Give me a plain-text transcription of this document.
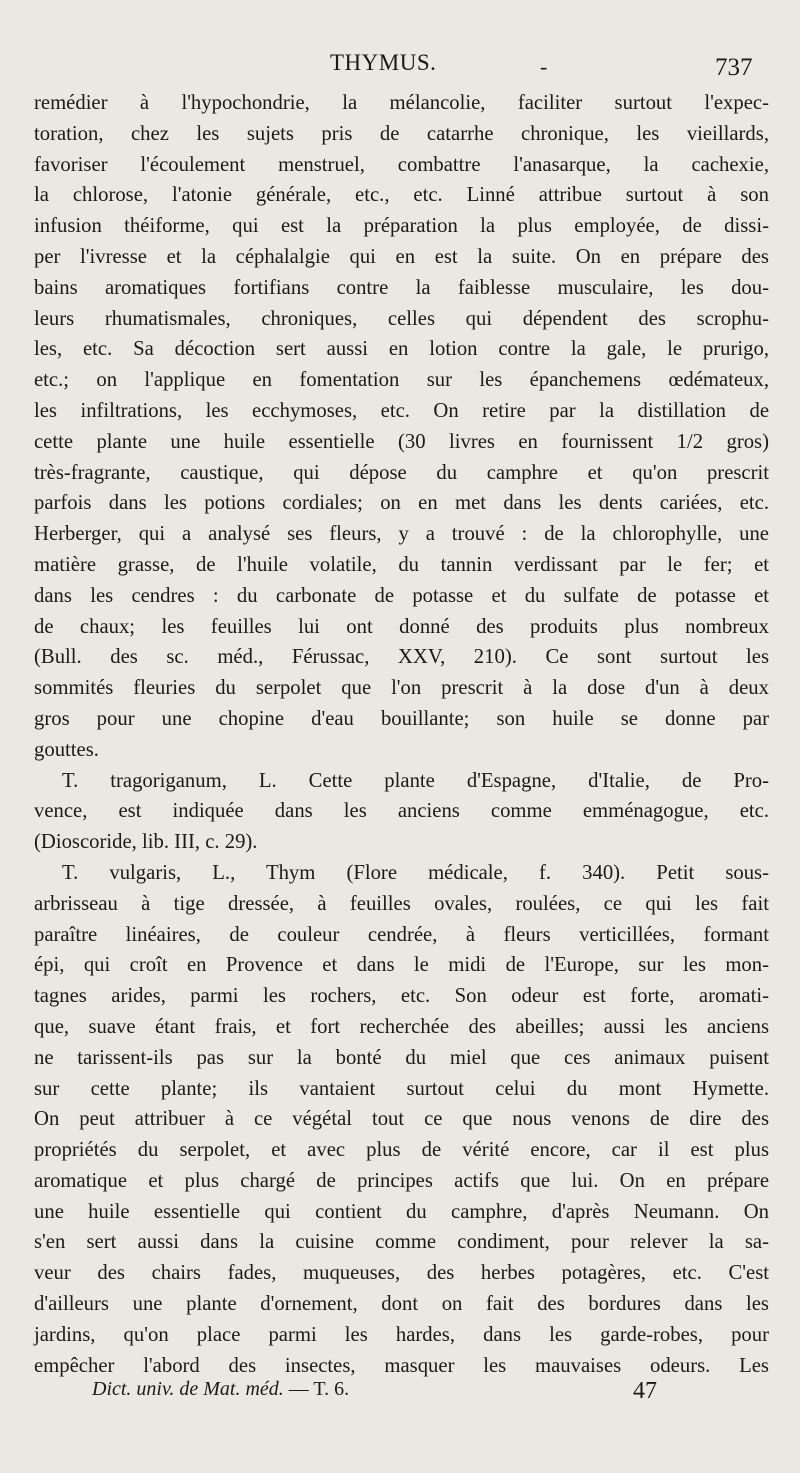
THYMUS.	-	737
remédier à l'hypochondrie, la mélancolie, faciliter surtout l'expec-
toration, chez les sujets pris de catarrhe chronique, les vieillards,
favoriser l'écoulement menstruel, combattre l'anasarque, la cachexie,
la chlorose, l'atonie générale, etc., etc. Linné attribue surtout à son
infusion théiforme, qui est la préparation la plus employée, de dissi-
per l'ivresse et la céphalalgie qui en est la suite. On en prépare des
bains aromatiques fortifians contre la faiblesse musculaire, les dou-
leurs rhumatismales, chroniques, celles qui dépendent des scrophu-
les, etc. Sa décoction sert aussi en lotion contre la gale, le prurigo,
etc.; on l'applique en fomentation sur les épanchemens œdémateux,
les infiltrations, les ecchymoses, etc. On retire par la distillation de
cette plante une huile essentielle (30 livres en fournissent 1/2 gros)
très-fragrante, caustique, qui dépose du camphre et qu'on prescrit
parfois dans les potions cordiales; on en met dans les dents cariées, etc.
Herberger, qui a analysé ses fleurs, y a trouvé : de la chlorophylle, une
matière grasse, de l'huile volatile, du tannin verdissant par le fer; et
dans les cendres : du carbonate de potasse et du sulfate de potasse et
de chaux; les feuilles lui ont donné des produits plus nombreux
(Bull. des sc. méd., Férussac, XXV, 210). Ce sont surtout les
sommités fleuries du serpolet que l'on prescrit à la dose d'un à deux
gros pour une chopine d'eau bouillante; son huile se donne par
gouttes.
T. tragoriganum, L. Cette plante d'Espagne, d'Italie, de Pro-
vence, est indiquée dans les anciens comme emménagogue, etc.
(Dioscoride, lib. III, c. 29).
T. vulgaris, L., Thym (Flore médicale, f. 340). Petit sous-
arbrisseau à tige dressée, à feuilles ovales, roulées, ce qui les fait
paraître linéaires, de couleur cendrée, à fleurs verticillées, formant
épi, qui croît en Provence et dans le midi de l'Europe, sur les mon-
tagnes arides, parmi les rochers, etc. Son odeur est forte, aromati-
que, suave étant frais, et fort recherchée des abeilles; aussi les anciens
ne tarissent-ils pas sur la bonté du miel que ces animaux puisent
sur cette plante; ils vantaient surtout celui du mont Hymette.
On peut attribuer à ce végétal tout ce que nous venons de dire des
propriétés du serpolet, et avec plus de vérité encore, car il est plus
aromatique et plus chargé de principes actifs que lui. On en prépare
une huile essentielle qui contient du camphre, d'après Neumann. On
s'en sert aussi dans la cuisine comme condiment, pour relever la sa-
veur des chairs fades, muqueuses, des herbes potagères, etc. C'est
d'ailleurs une plante d'ornement, dont on fait des bordures dans les
jardins, qu'on place parmi les hardes, dans les garde-robes, pour
empêcher l'abord des insectes, masquer les mauvaises odeurs. Les
Dict. univ. de Mat. méd. — T. 6.	47
